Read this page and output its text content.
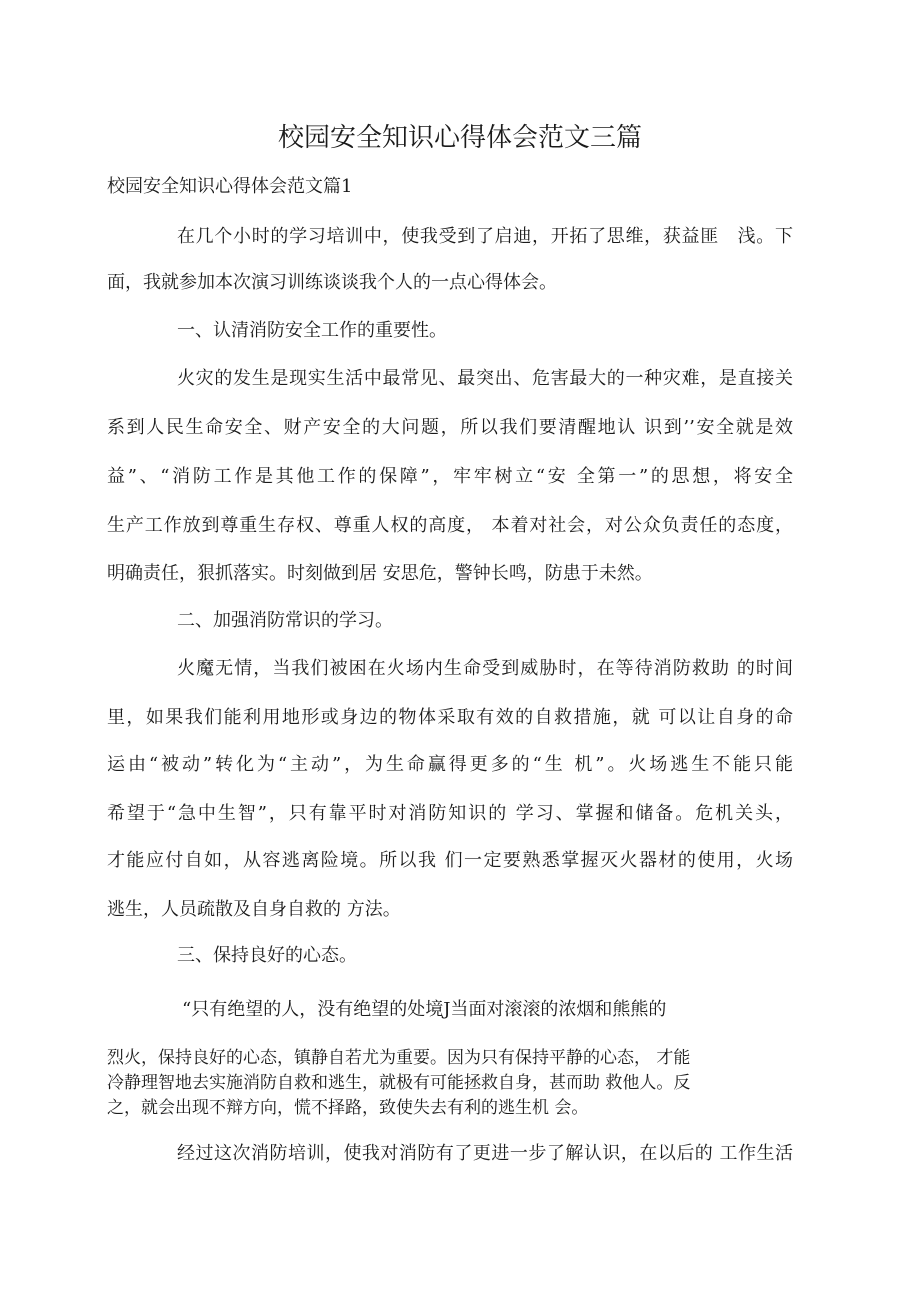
校园安全知识心得体会范文三篇
校园安全知识心得体会范文篇1
在几个小时的学习培训中，使我受到了启迪，开拓了思维，获益匪　浅。下
面，我就参加本次演习训练谈谈我个人的一点心得体会。
一、认清消防安全工作的重要性。
火灾的发生是现实生活中最常见、最突出、危害最大的一种灾难，是直接关
系到人民生命安全、财产安全的大问题，所以我们要清醒地认 识到’’安全就是效
益”、“消防工作是其他工作的保障”，牢牢树立“安 全第一”的思想，将安全
生产工作放到尊重生存权、尊重人权的高度， 本着对社会，对公众负责任的态度，
明确责任，狠抓落实。时刻做到居 安思危，警钟长鸣，防患于未然。
二、加强消防常识的学习。
火魔无情，当我们被困在火场内生命受到威胁时，在等待消防救助 的时间
里，如果我们能利用地形或身边的物体采取有效的自救措施，就 可以让自身的命
运由“被动”转化为“主动”，为生命赢得更多的“生 机”。火场逃生不能只能
希望于“急中生智”，只有靠平时对消防知识的 学习、掌握和储备。危机关头，
才能应付自如，从容逃离险境。所以我 们一定要熟悉掌握灭火器材的使用，火场
逃生，人员疏散及自身自救的 方法。
三、保持良好的心态。
“只有绝望的人，没有绝望的处境J当面对滚滚的浓烟和熊熊的
烈火，保持良好的心态，镇静自若尤为重要。因为只有保持平静的心态， 才能
冷静理智地去实施消防自救和逃生，就极有可能拯救自身，甚而助 救他人。反
之，就会出现不辩方向，慌不择路，致使失去有利的逃生机 会。
经过这次消防培训，使我对消防有了更进一步了解认识，在以后的 工作生活
